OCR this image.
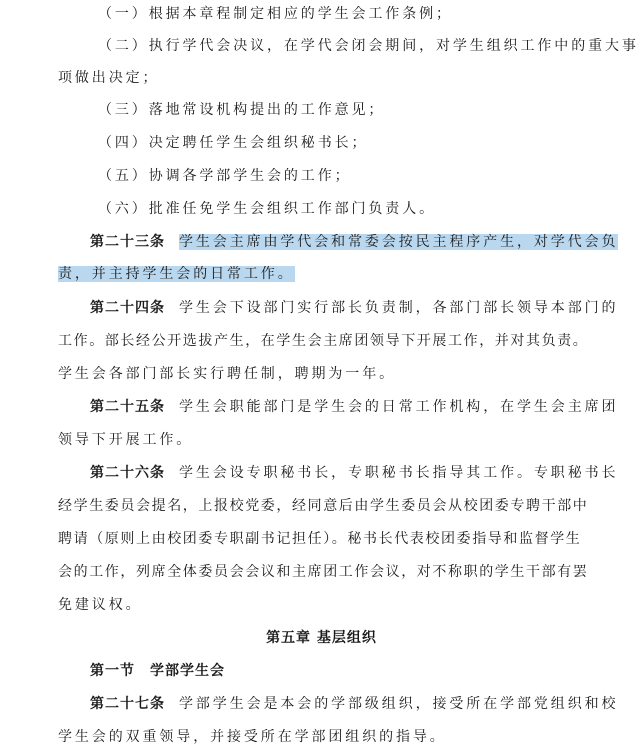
（一）根据本章程制定相应的学生会工作条例；
（二）执行学代会决议，在学代会闭会期间，对学生组织工作中的重大事
项做出决定；
（三）落地常设机构提出的工作意见；
（四）决定聘任学生会组织秘书长；
（五）协调各学部学生会的工作；
（六）批准任免学生会组织工作部门负责人。
第二十三条 学生会主席由学代会和常委会按民主程序产生，对学代会负
责，并主持学生会的日常工作。
第二十四条 学生会下设部门实行部长负责制，各部门部长领导本部门的
工作。部长经公开选拔产生，在学生会主席团领导下开展工作，并对其负责。
学生会各部门部长实行聘任制，聘期为一年。
第二十五条 学生会职能部门是学生会的日常工作机构，在学生会主席团
领导下开展工作。
第二十六条 学生会设专职秘书长，专职秘书长指导其工作。专职秘书长
经学生委员会提名，上报校党委，经同意后由学生委员会从校团委专聘干部中
聘请（原则上由校团委专职副书记担任）。秘书长代表校团委指导和监督学生
会的工作，列席全体委员会会议和主席团工作会议，对不称职的学生干部有罢
免建议权。
第五章 基层组织
第一节　学部学生会
第二十七条 学部学生会是本会的学部级组织，接受所在学部党组织和校
学生会的双重领导，并接受所在学部团组织的指导。
